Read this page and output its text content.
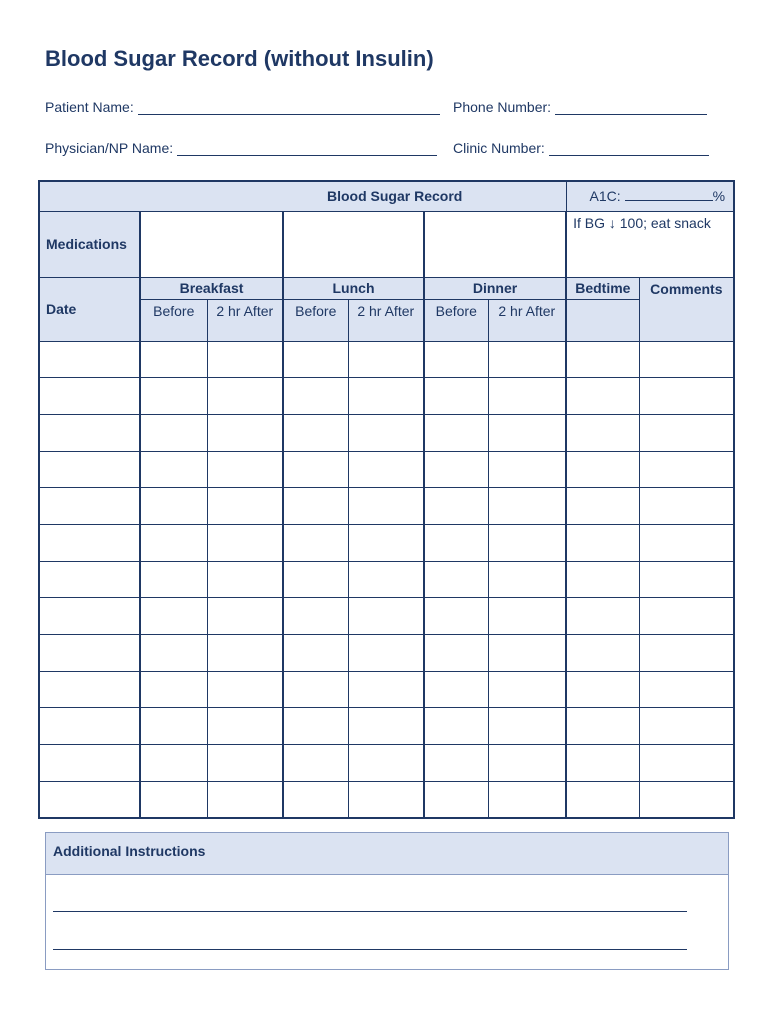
Blood Sugar Record (without Insulin)
Patient Name:	Phone Number:
Physician/NP Name:	Clinic Number:
Blood Sugar Record							A1C: %	

Medications							If BG ↓ 100; eat snack	
Date	Breakfast		Lunch		Dinner		Bedtime	Comments
	Before	2 hr After	Before	2 hr After	Before	2 hr After		

Additional Instructions
